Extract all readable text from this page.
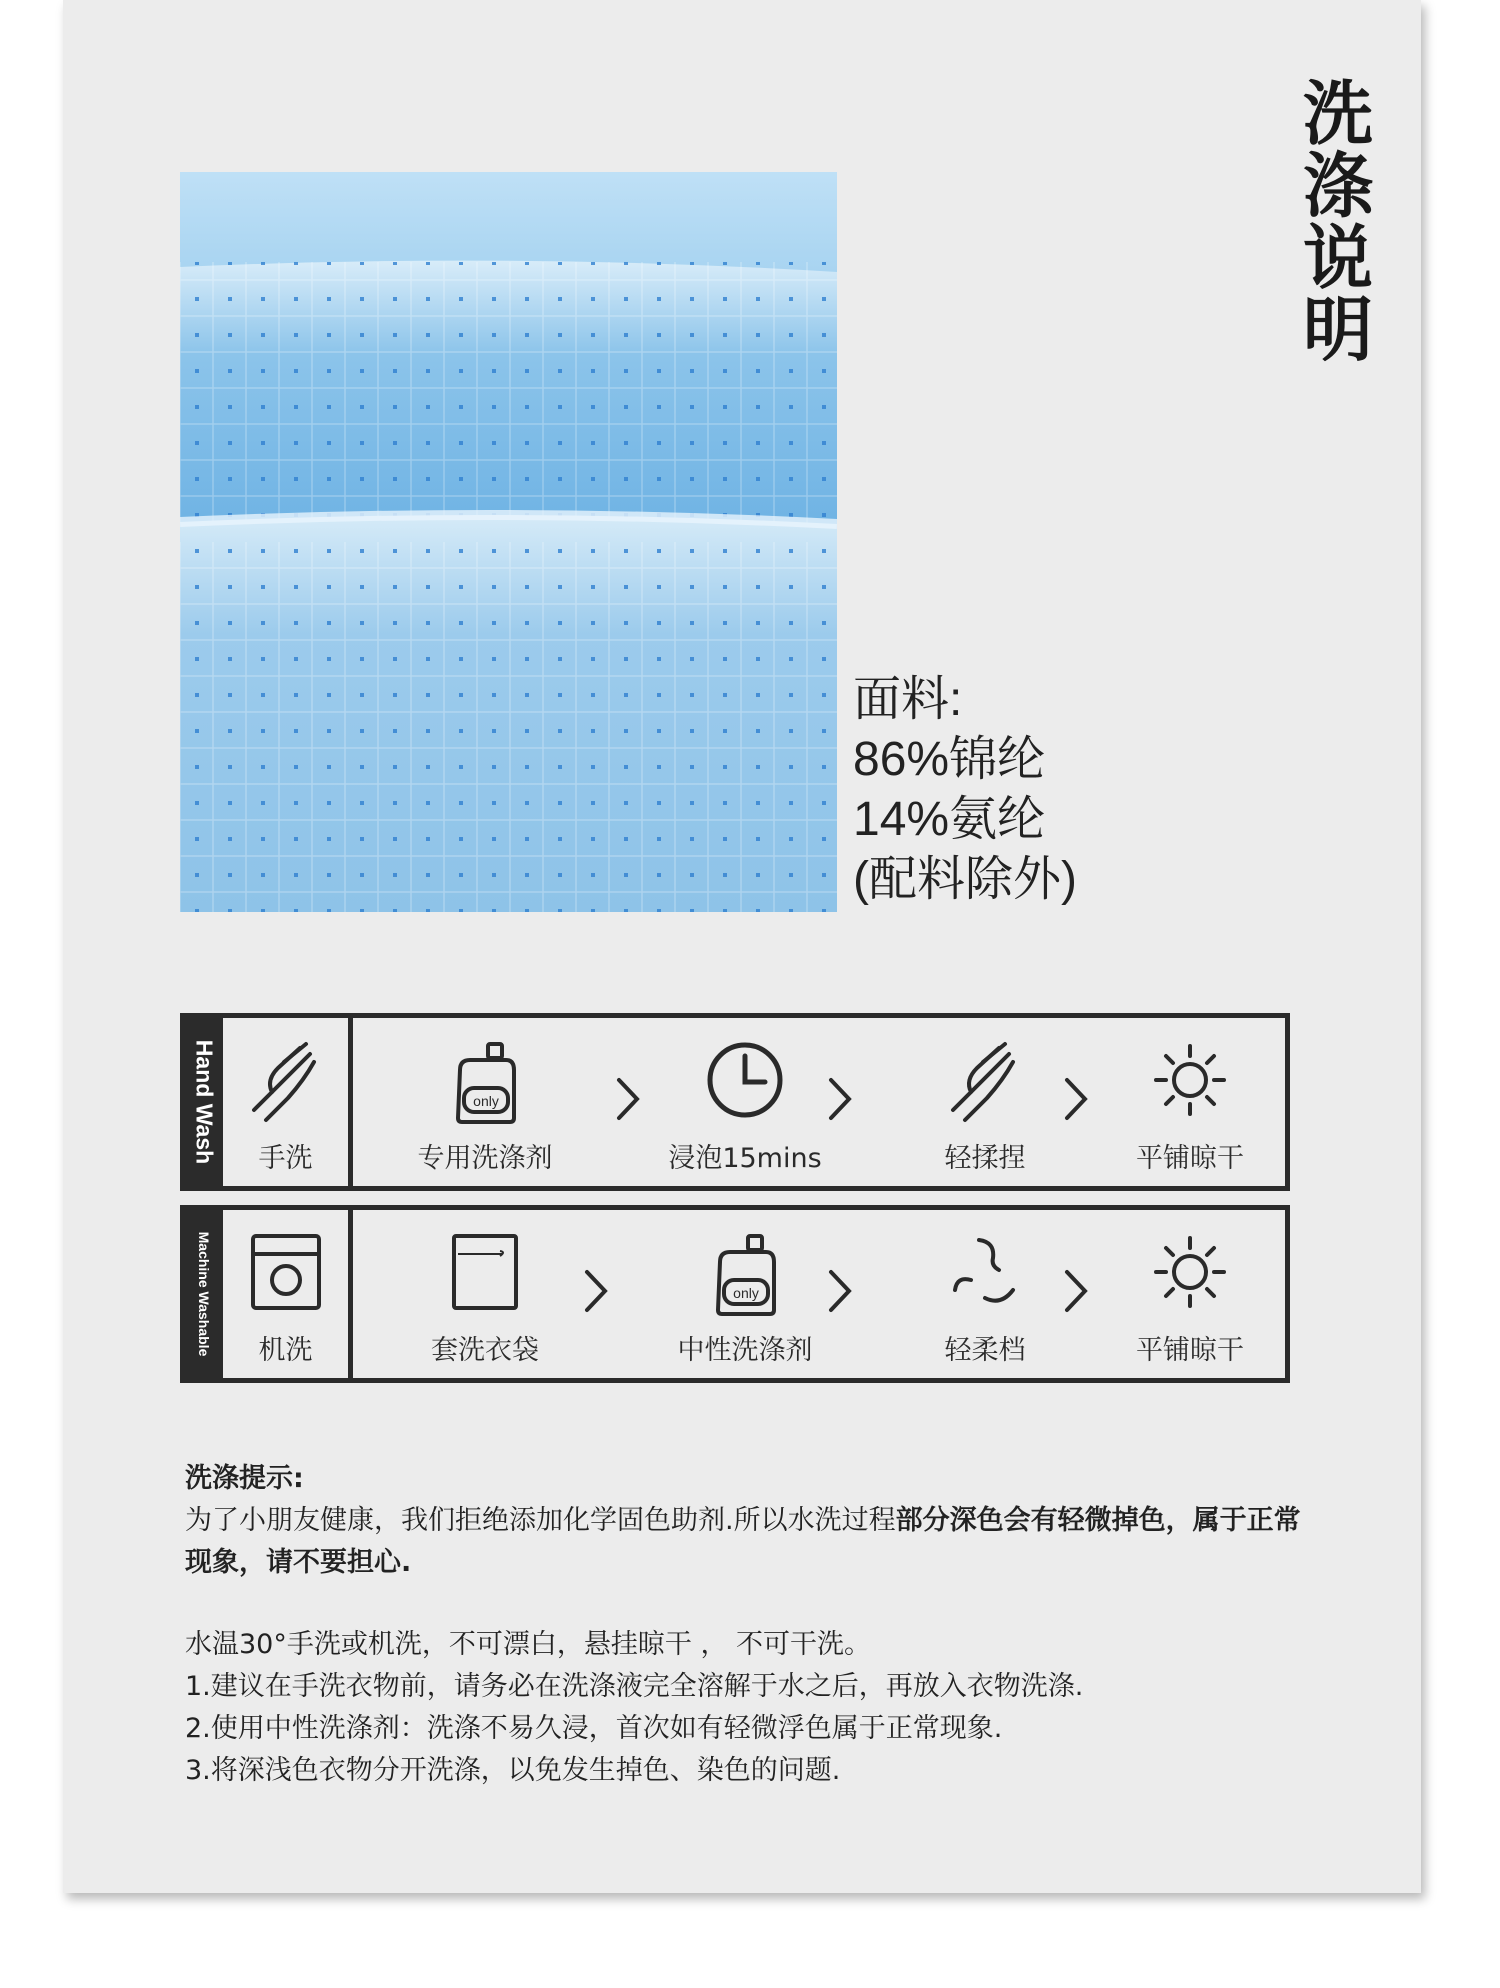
洗涤说明
面料:
86%锦纶
14%氨纶
(配料除外)
Hand Wash	手洗
only
专用洗涤剂	浸泡15mins	轻揉捏	平铺晾干
Machine Washable	机洗	套洗衣袋
only
中性洗涤剂	轻柔档	平铺晾干
洗涤提示:
为了小朋友健康，我们拒绝添加化学固色助剂.所以水洗过程部分深色会有轻微掉色，属于正常现象，请不要担心.
水温30°手洗或机洗，不可漂白，悬挂晾干 ， 不可干洗。
1.建议在手洗衣物前，请务必在洗涤液完全溶解于水之后，再放入衣物洗涤.
2.使用中性洗涤剂：洗涤不易久浸，首次如有轻微浮色属于正常现象.
3.将深浅色衣物分开洗涤，以免发生掉色、染色的问题.
